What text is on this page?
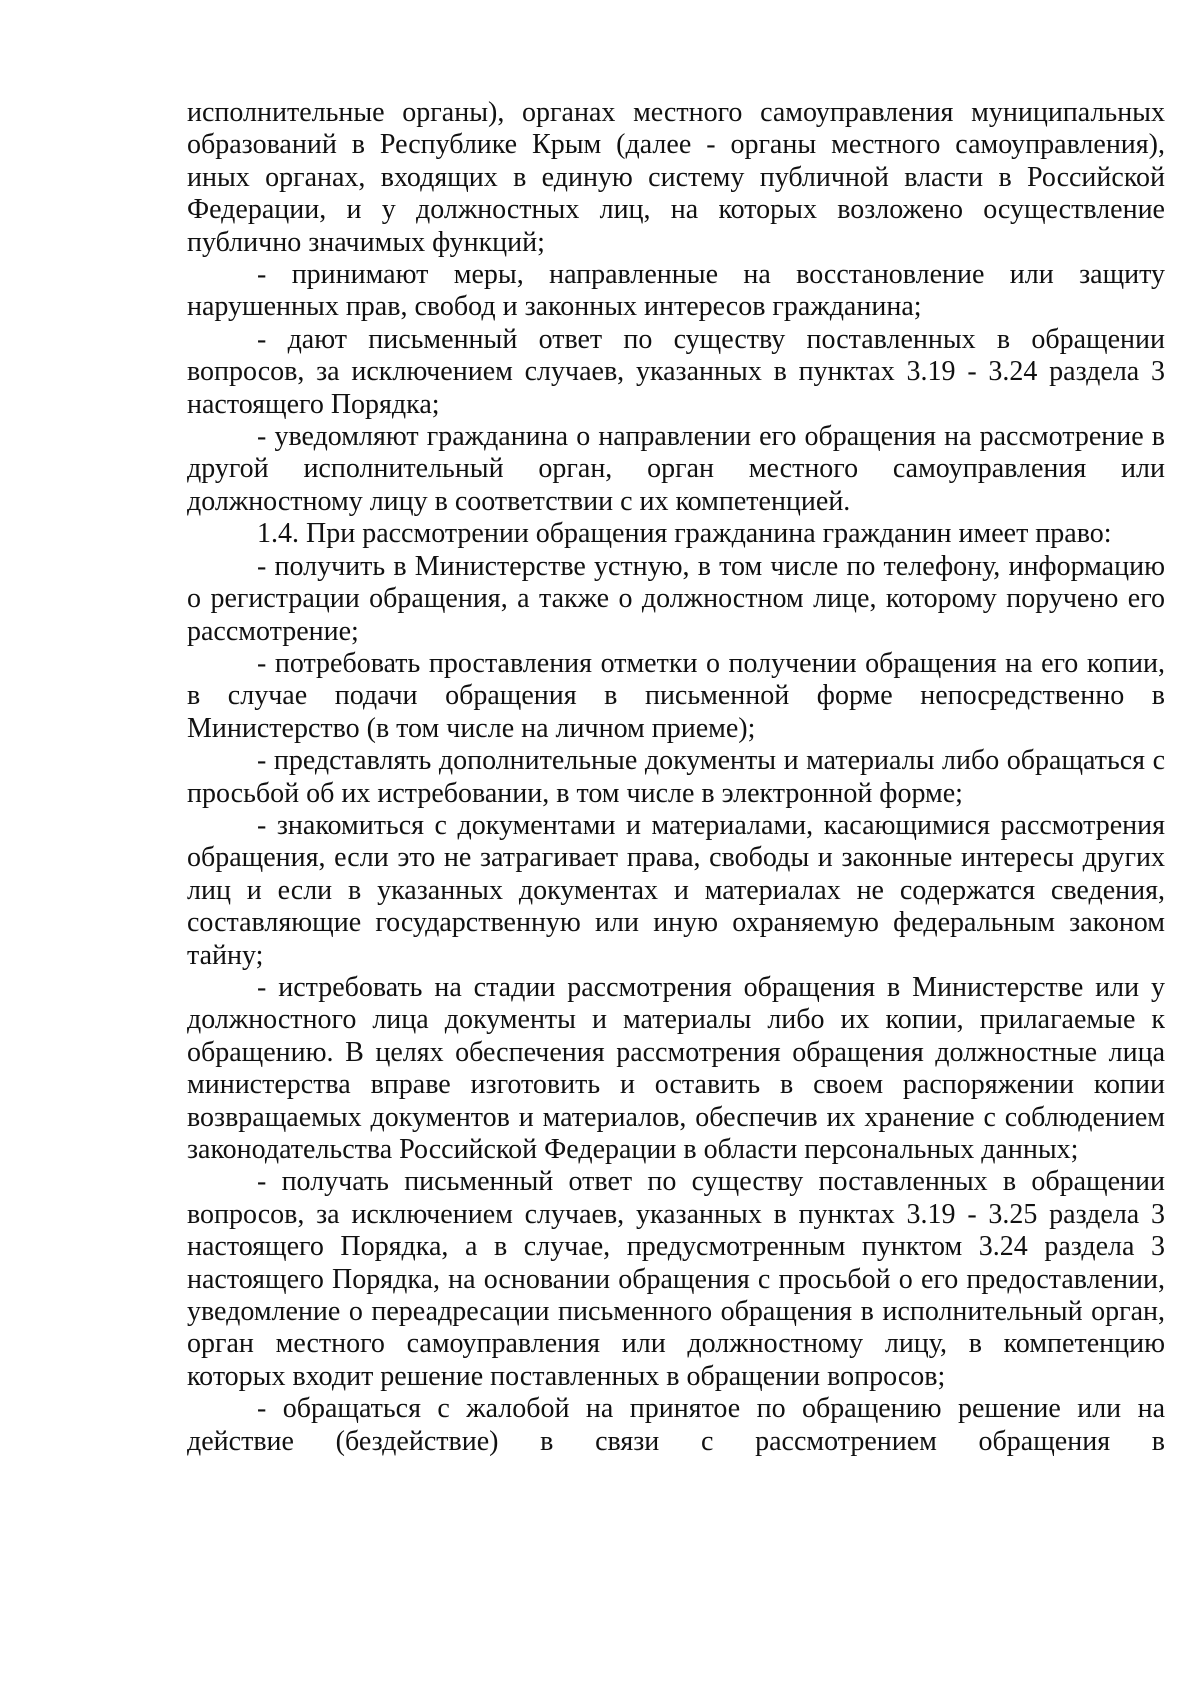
исполнительные органы), органах местного самоуправления муниципальных образований в Республике Крым (далее - органы местного самоуправления), иных органах, входящих в единую систему публичной власти в Российской Федерации, и у должностных лиц, на которых возложено осуществление публично значимых функций;

- принимают меры, направленные на восстановление или защиту нарушенных прав, свобод и законных интересов гражданина;

- дают письменный ответ по существу поставленных в обращении вопросов, за исключением случаев, указанных в пунктах 3.19 - 3.24 раздела 3 настоящего Порядка;

- уведомляют гражданина о направлении его обращения на рассмотрение в другой исполнительный орган, орган местного самоуправления или должностному лицу в соответствии с их компетенцией.

1.4. При рассмотрении обращения гражданина гражданин имеет право:

- получить в Министерстве устную, в том числе по телефону, информацию о регистрации обращения, а также о должностном лице, которому поручено его рассмотрение;

- потребовать проставления отметки о получении обращения на его копии, в случае подачи обращения в письменной форме непосредственно в Министерство (в том числе на личном приеме);

- представлять дополнительные документы и материалы либо обращаться с просьбой об их истребовании, в том числе в электронной форме;

- знакомиться с документами и материалами, касающимися рассмотрения обращения, если это не затрагивает права, свободы и законные интересы других лиц и если в указанных документах и материалах не содержатся сведения, составляющие государственную или иную охраняемую федеральным законом тайну;

- истребовать на стадии рассмотрения обращения в Министерстве или у должностного лица документы и материалы либо их копии, прилагаемые к обращению. В целях обеспечения рассмотрения обращения должностные лица министерства вправе изготовить и оставить в своем распоряжении копии возвращаемых документов и материалов, обеспечив их хранение с соблюдением законодательства Российской Федерации в области персональных данных;

- получать письменный ответ по существу поставленных в обращении вопросов, за исключением случаев, указанных в пунктах 3.19 - 3.25 раздела 3 настоящего Порядка, а в случае, предусмотренным пунктом 3.24 раздела 3 настоящего Порядка, на основании обращения с просьбой о его предоставлении, уведомление о переадресации письменного обращения в исполнительный орган, орган местного самоуправления или должностному лицу, в компетенцию которых входит решение поставленных в обращении вопросов;

- обращаться с жалобой на принятое по обращению решение или на действие (бездействие) в связи с рассмотрением обращения в
